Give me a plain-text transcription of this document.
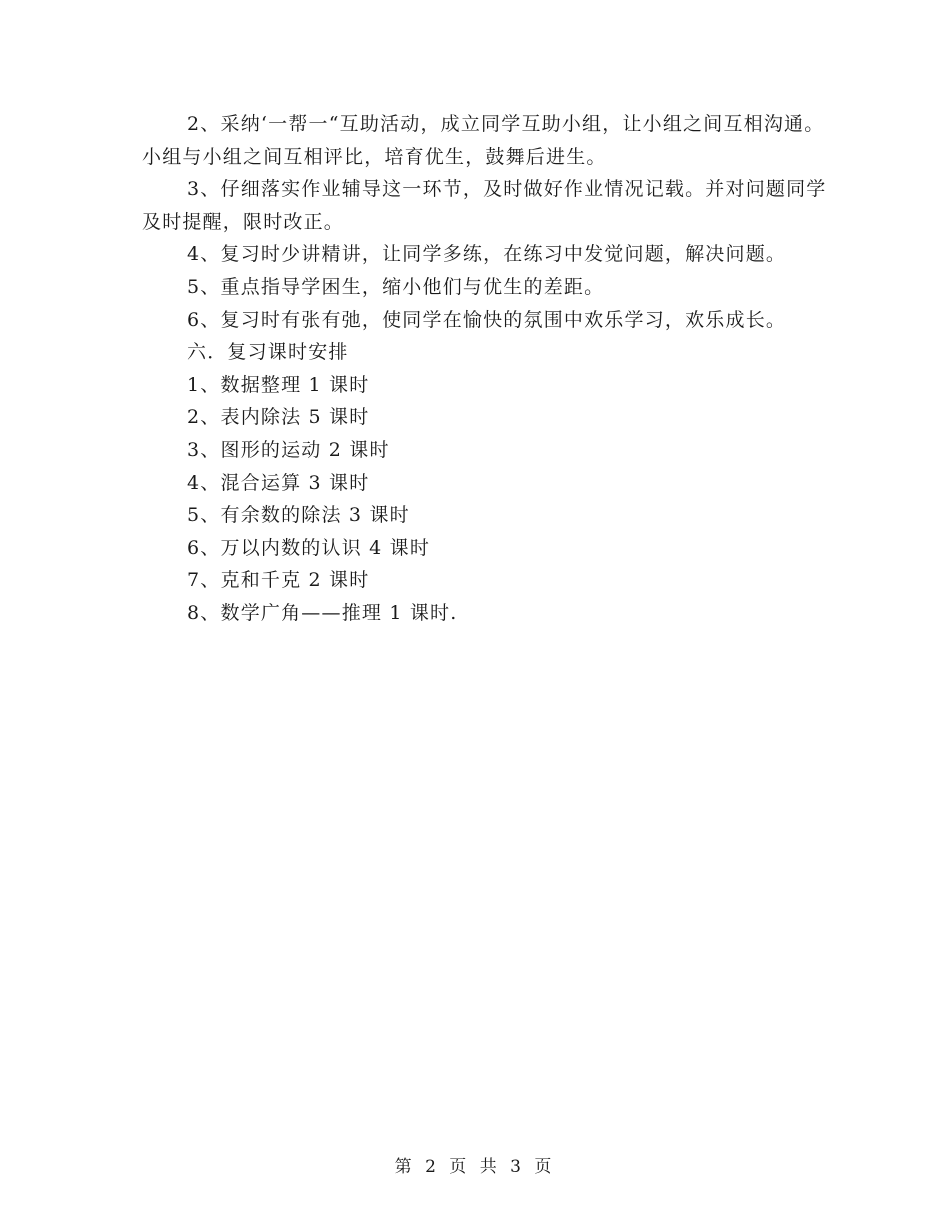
2、采纳‘一帮一“互助活动，成立同学互助小组，让小组之间互相沟通。小组与小组之间互相评比，培育优生，鼓舞后进生。

3、仔细落实作业辅导这一环节，及时做好作业情况记载。并对问题同学及时提醒，限时改正。

4、复习时少讲精讲，让同学多练，在练习中发觉问题，解决问题。

5、重点指导学困生，缩小他们与优生的差距。

6、复习时有张有弛，使同学在愉快的氛围中欢乐学习，欢乐成长。

六．复习课时安排

1、数据整理 1 课时

2、表内除法 5 课时

3、图形的运动 2 课时

4、混合运算 3 课时

5、有余数的除法 3 课时

6、万以内数的认识 4 课时

7、克和千克 2 课时

8、数学广角——推理 1 课时.

第 2 页 共 3 页
